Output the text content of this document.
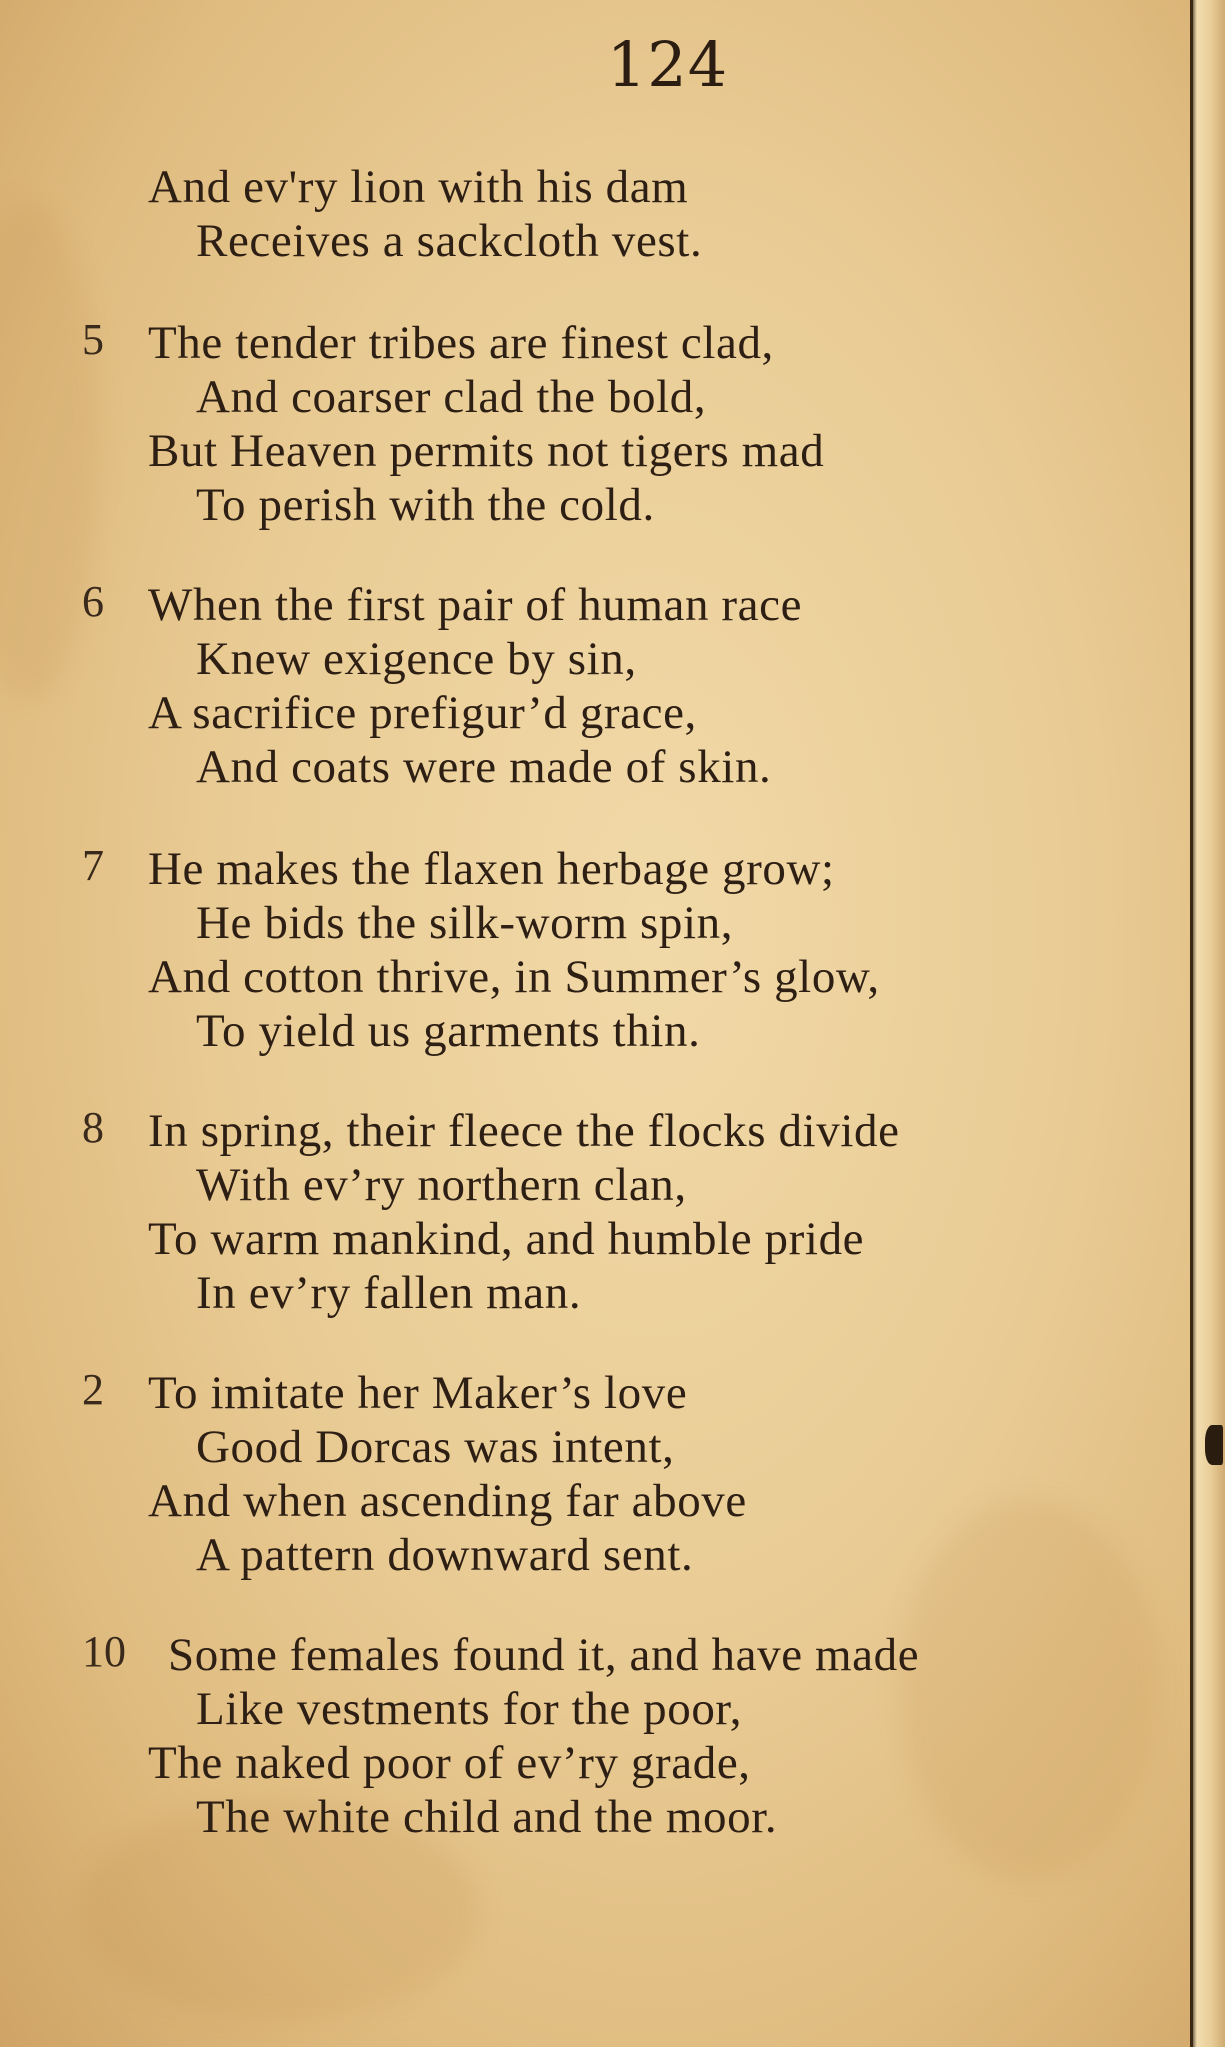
124
And ev'ry lion with his dam
Receives a sackcloth vest.
5 The tender tribes are finest clad,
And coarser clad the bold,
But Heaven permits not tigers mad
To perish with the cold.
6 When the first pair of human race
Knew exigence by sin,
A sacrifice prefigur’d grace,
And coats were made of skin.
7 He makes the flaxen herbage grow;
He bids the silk-worm spin,
And cotton thrive, in Summer’s glow,
To yield us garments thin.
8 In spring, their fleece the flocks divide
With ev’ry northern clan,
To warm mankind, and humble pride
In ev’ry fallen man.
2 To imitate her Maker’s love
Good Dorcas was intent,
And when ascending far above
A pattern downward sent.
10 Some females found it, and have made
Like vestments for the poor,
The naked poor of ev’ry grade,
The white child and the moor.
